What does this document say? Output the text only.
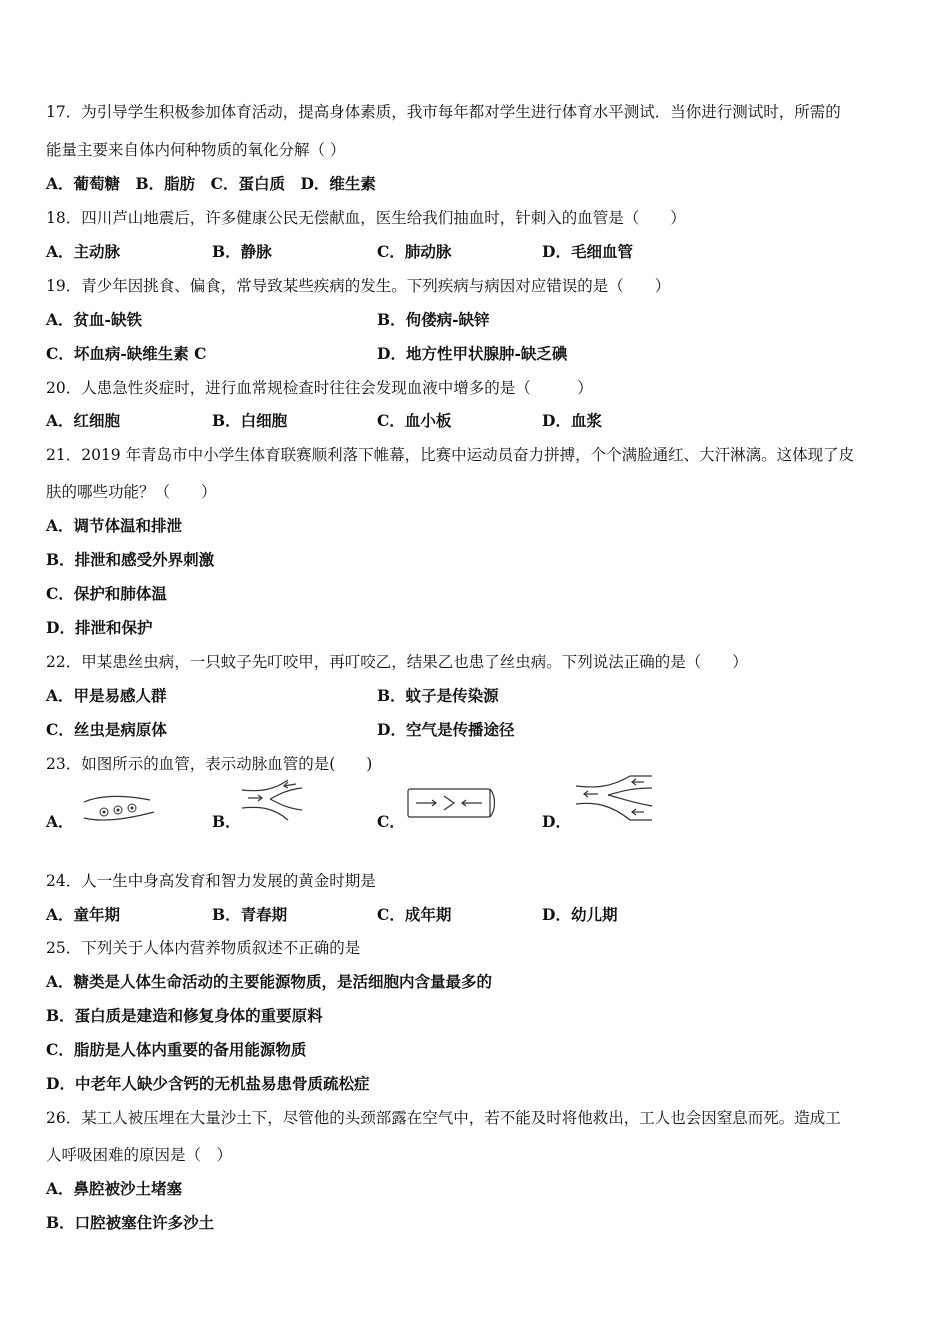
17．为引导学生积极参加体育活动，提高身体素质，我市每年都对学生进行体育水平测试．当你进行测试时，所需的
能量主要来自体内何种物质的氧化分解（ ）
A．葡萄糖　B．脂肪　C．蛋白质　D．维生素
18．四川芦山地震后，许多健康公民无偿献血，医生给我们抽血时，针刺入的血管是（　　）
A．主动脉	B．静脉	C．肺动脉	D．毛细血管
19．青少年因挑食、偏食，常导致某些疾病的发生。下列疾病与病因对应错误的是（　　）
A．贫血-缺铁	B．佝偻病-缺锌
C．坏血病-缺维生素 C	D．地方性甲状腺肿-缺乏碘
20．人患急性炎症时，进行血常规检查时往往会发现血液中增多的是（　　　）
A．红细胞	B．白细胞	C．血小板	D．血浆
21．2019 年青岛市中小学生体育联赛顺利落下帷幕，比赛中运动员奋力拼搏，个个满脸通红、大汗淋漓。这体现了皮
肤的哪些功能？（　　）
A．调节体温和排泄
B．排泄和感受外界刺激
C．保护和肺体温
D．排泄和保护
22．甲某患丝虫病，一只蚊子先叮咬甲，再叮咬乙，结果乙也患了丝虫病。下列说法正确的是（　　）
A．甲是易感人群	B．蚊子是传染源
C．丝虫是病原体	D．空气是传播途径
23．如图所示的血管，表示动脉血管的是(　　)
A．	B．	C．	D．
24．人一生中身高发育和智力发展的黄金时期是
A．童年期	B．青春期	C．成年期	D．幼儿期
25．下列关于人体内营养物质叙述不正确的是
A．糖类是人体生命活动的主要能源物质，是活细胞内含量最多的
B．蛋白质是建造和修复身体的重要原料
C．脂肪是人体内重要的备用能源物质
D．中老年人缺少含钙的无机盐易患骨质疏松症
26．某工人被压埋在大量沙土下，尽管他的头颈部露在空气中，若不能及时将他救出，工人也会因窒息而死。造成工
人呼吸困难的原因是（　）
A．鼻腔被沙土堵塞
B．口腔被塞住许多沙土
